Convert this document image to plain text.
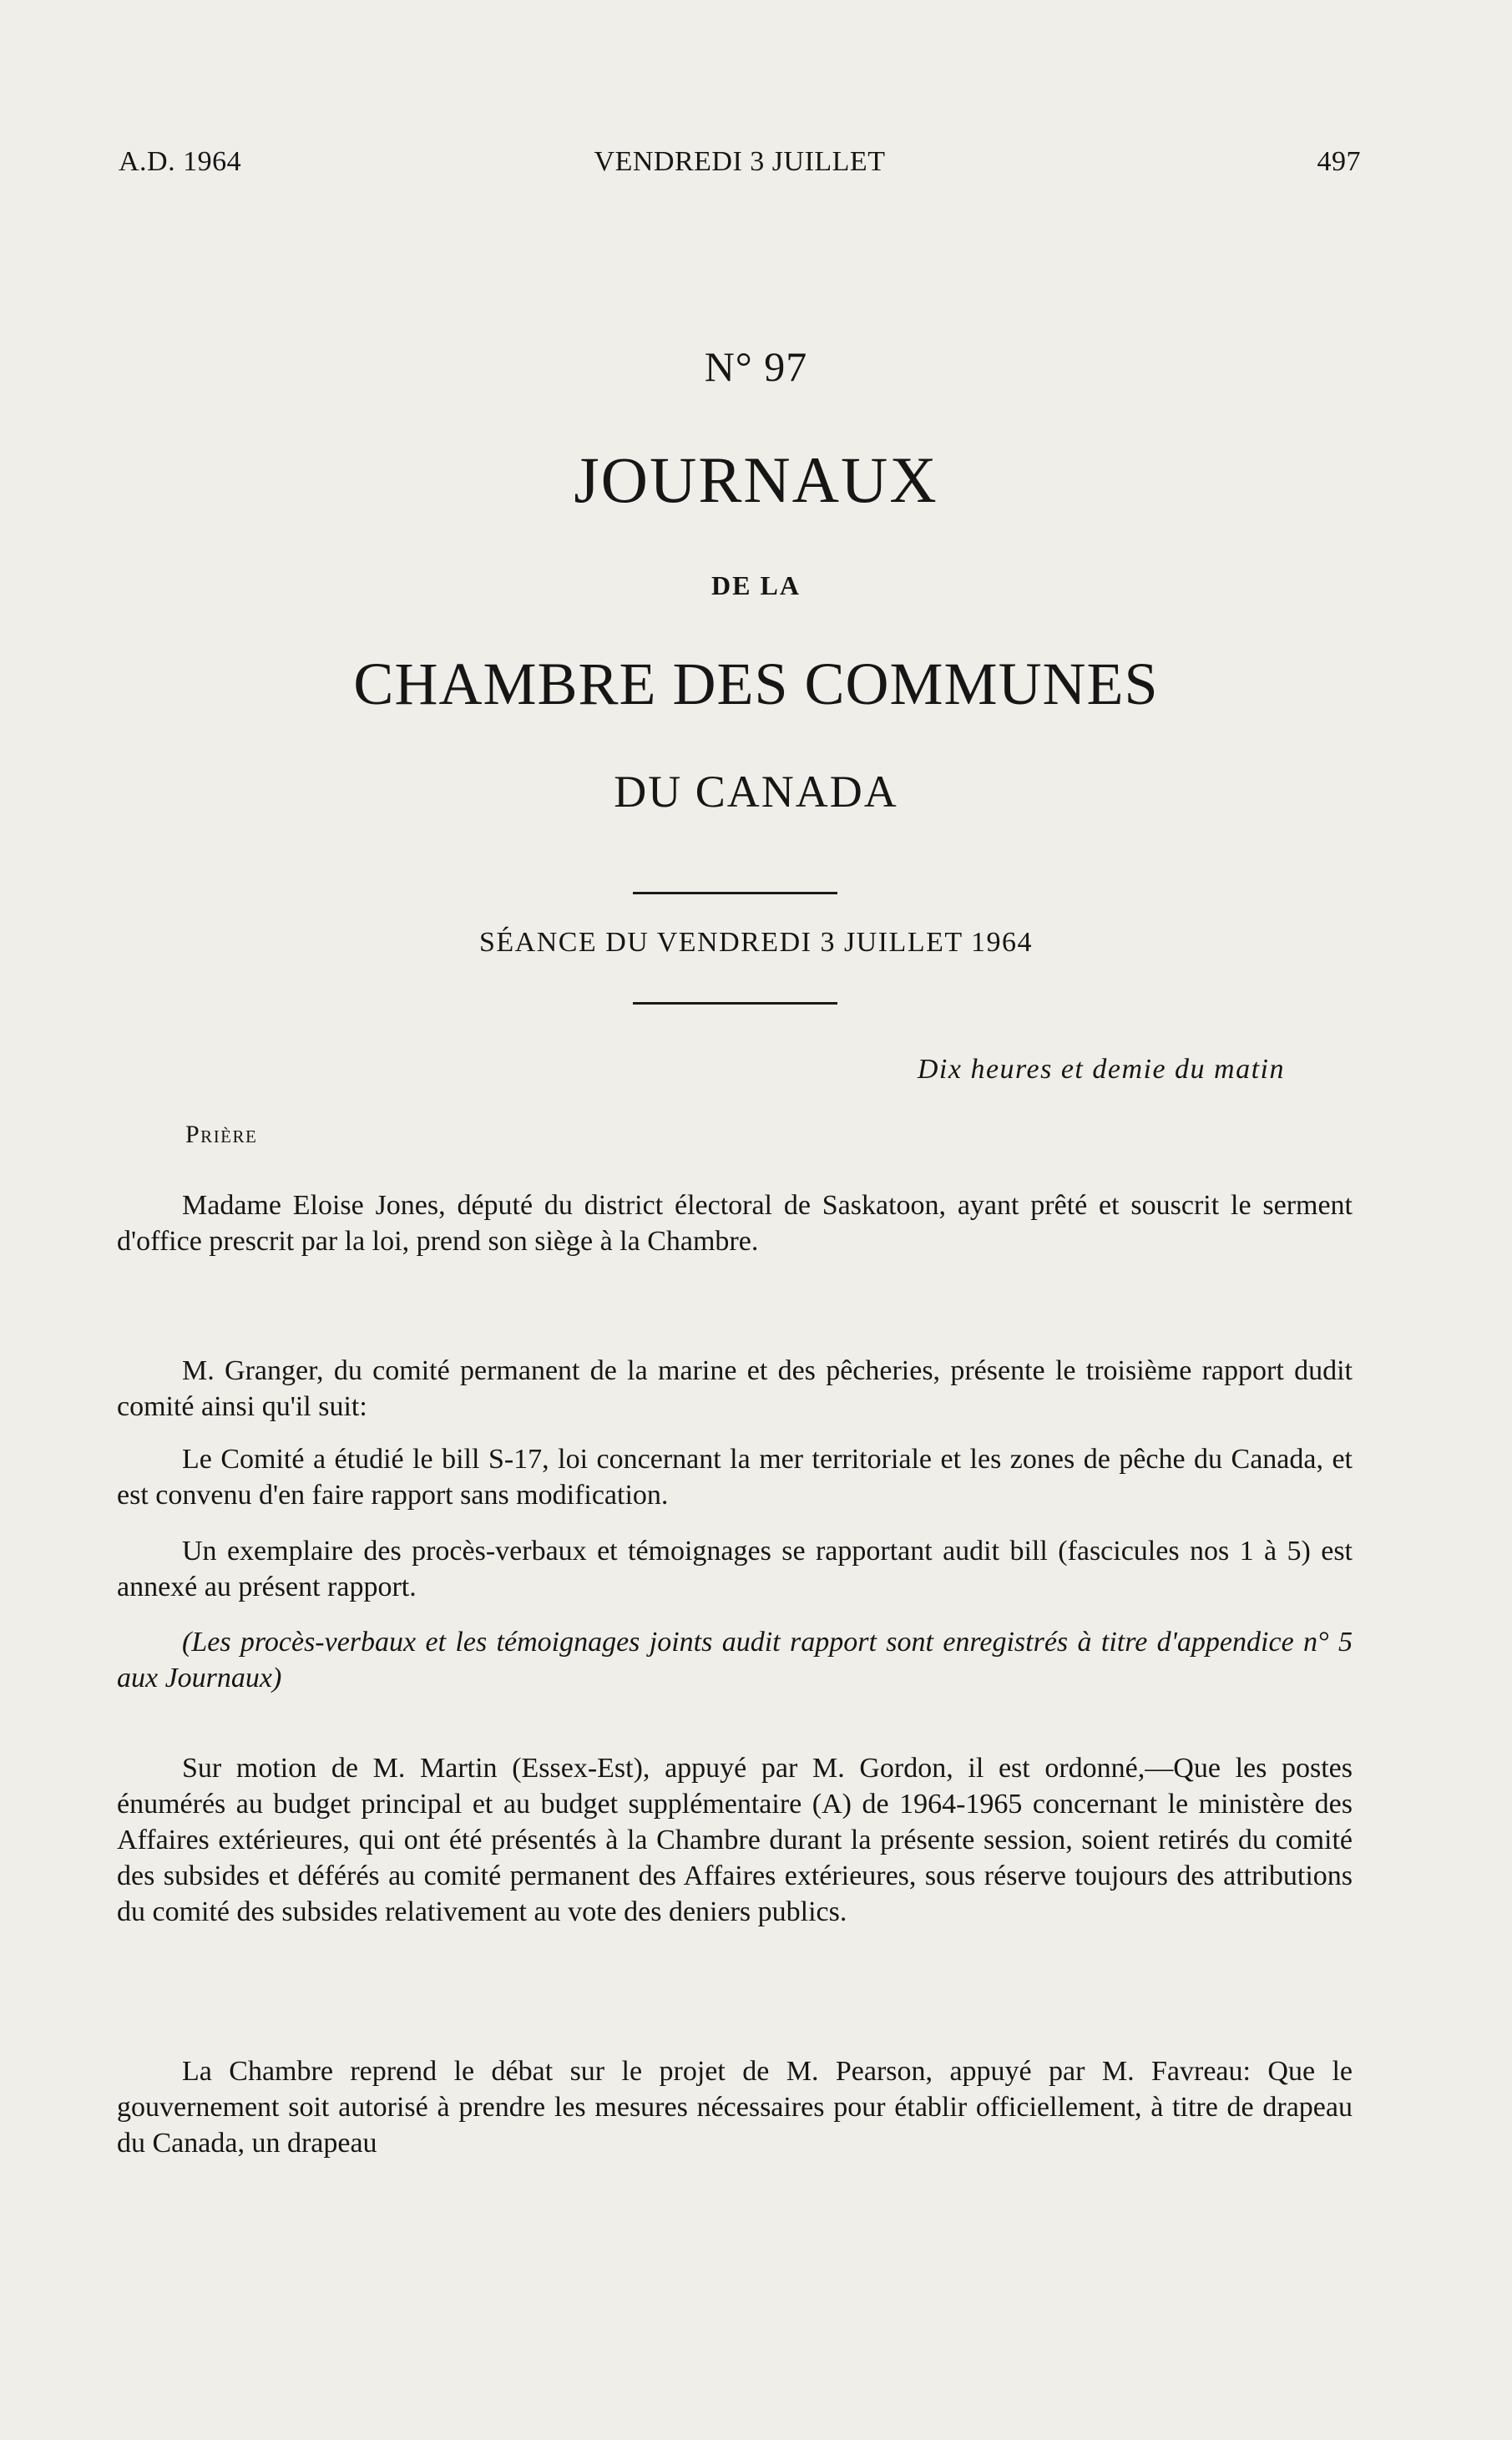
A.D. 1964	VENDREDI 3 JUILLET	497
N° 97
JOURNAUX
DE LA
CHAMBRE DES COMMUNES
DU CANADA
SÉANCE DU VENDREDI 3 JUILLET 1964
Dix heures et demie du matin
Prière

Madame Eloise Jones, député du district électoral de Saskatoon, ayant prêté et souscrit le serment d'office prescrit par la loi, prend son siège à la Chambre.

M. Granger, du comité permanent de la marine et des pêcheries, présente le troisième rapport dudit comité ainsi qu'il suit:

Le Comité a étudié le bill S-17, loi concernant la mer territoriale et les zones de pêche du Canada, et est convenu d'en faire rapport sans modification.

Un exemplaire des procès-verbaux et témoignages se rapportant audit bill (fascicules nos 1 à 5) est annexé au présent rapport.

(Les procès-verbaux et les témoignages joints audit rapport sont enregistrés à titre d'appendice n° 5 aux Journaux)

Sur motion de M. Martin (Essex-Est), appuyé par M. Gordon, il est ordonné,—Que les postes énumérés au budget principal et au budget supplémentaire (A) de 1964-1965 concernant le ministère des Affaires extérieures, qui ont été présentés à la Chambre durant la présente session, soient retirés du comité des subsides et déférés au comité permanent des Affaires extérieures, sous réserve toujours des attributions du comité des subsides relativement au vote des deniers publics.

La Chambre reprend le débat sur le projet de M. Pearson, appuyé par M. Favreau: Que le gouvernement soit autorisé à prendre les mesures nécessaires pour établir officiellement, à titre de drapeau du Canada, un drapeau
